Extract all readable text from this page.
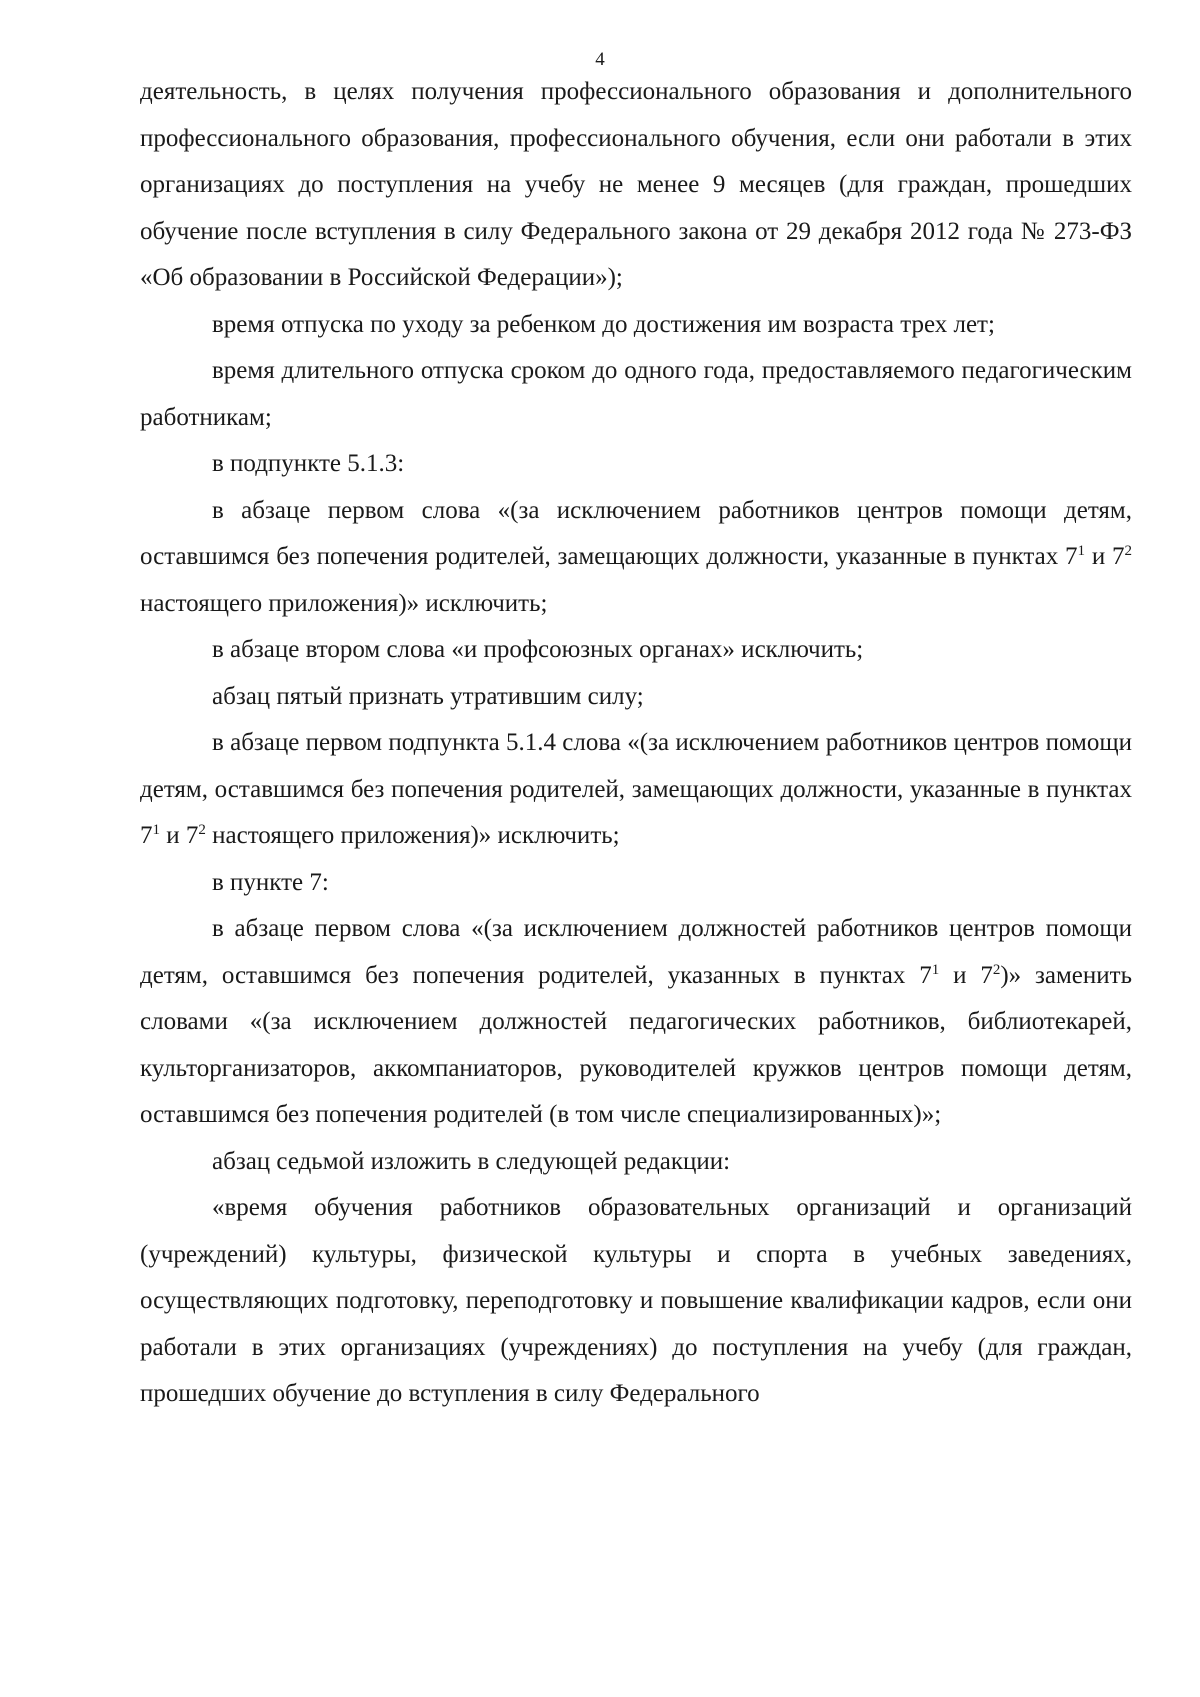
4

деятельность, в целях получения профессионального образования и дополнительного профессионального образования, профессионального обучения, если они работали в этих организациях до поступления на учебу не менее 9 месяцев (для граждан, прошедших обучение после вступления в силу Федерального закона от 29 декабря 2012 года № 273-ФЗ «Об образовании в Российской Федерации»);

время отпуска по уходу за ребенком до достижения им возраста трех лет;

время длительного отпуска сроком до одного года, предоставляемого педагогическим работникам;

в подпункте 5.1.3:

в абзаце первом слова «(за исключением работников центров помощи детям, оставшимся без попечения родителей, замещающих должности, указанные в пунктах $7^1$ и $7^2$ настоящего приложения)» исключить;

в абзаце втором слова «и профсоюзных органах» исключить;

абзац пятый признать утратившим силу;

в абзаце первом подпункта 5.1.4 слова «(за исключением работников центров помощи детям, оставшимся без попечения родителей, замещающих должности, указанные в пунктах $7^1$ и $7^2$ настоящего приложения)» исключить;

в пункте 7:

в абзаце первом слова «(за исключением должностей работников центров помощи детям, оставшимся без попечения родителей, указанных в пунктах $7^1$ и $7^2$)» заменить словами «(за исключением должностей педагогических работников, библиотекарей, культорганизаторов, аккомпаниаторов, руководителей кружков центров помощи детям, оставшимся без попечения родителей (в том числе специализированных)»;

абзац седьмой изложить в следующей редакции:

«время обучения работников образовательных организаций и организаций (учреждений) культуры, физической культуры и спорта в учебных заведениях, осуществляющих подготовку, переподготовку и повышение квалификации кадров, если они работали в этих организациях (учреждениях) до поступления на учебу (для граждан, прошедших обучение до вступления в силу Федерального
